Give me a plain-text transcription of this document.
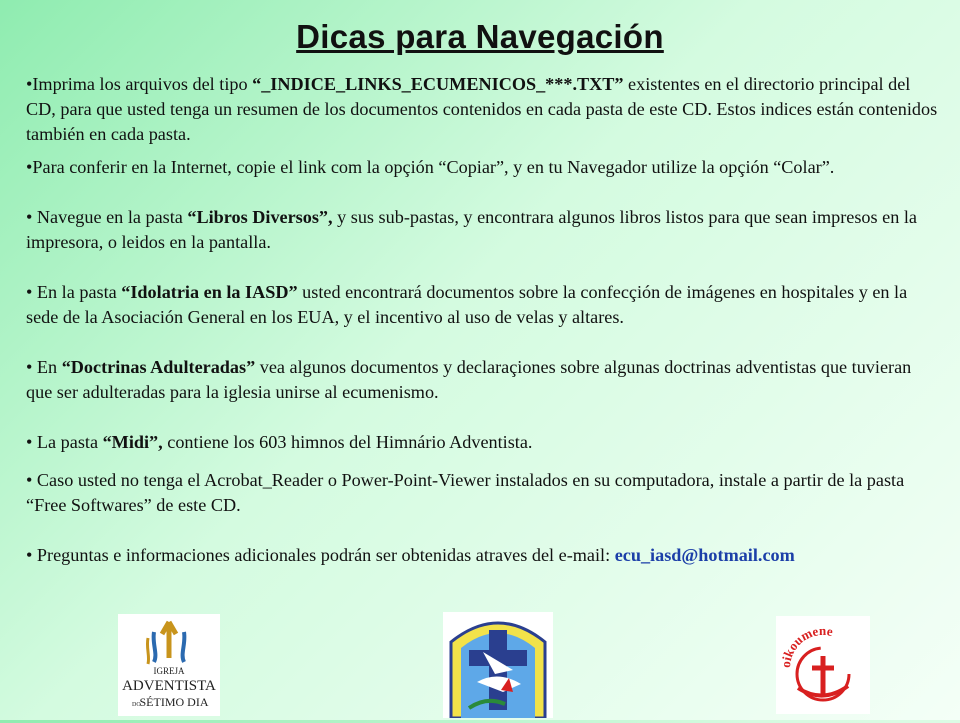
Dicas para Navegación

•Imprima los arquivos del tipo “_INDICE_LINKS_ECUMENICOS_***.TXT” existentes en el directorio principal del CD, para que usted tenga un resumen de los documentos contenidos en cada pasta de este CD. Estos indices están contenidos también en cada pasta.

•Para conferir en la Internet, copie el link com la opçión “Copiar”, y en tu Navegador utilize la opçión “Colar”.

• Navegue en la pasta “Libros Diversos”, y sus sub-pastas, y encontrara algunos libros listos para que sean impresos en la impresora, o leidos en la pantalla.

• En la pasta “Idolatria en la IASD” usted encontrará documentos sobre la confecçión de imágenes en hospitales y en la sede de la Asociación General en los EUA, y el incentivo al uso de velas y altares.

• En “Doctrinas Adulteradas” vea algunos documentos y declaraçiones sobre algunas doctrinas adventistas que tuvieran que ser adulteradas para la iglesia unirse al ecumenismo.

• La pasta “Midi”, contiene los 603 himnos del Himnário Adventista.

• Caso usted no tenga el Acrobat_Reader o Power-Point-Viewer instalados en su computadora, instale a partir de la pasta “Free Softwares” de este CD.

• Preguntas e informaciones adicionales podrán ser obtenidas atraves del e-mail: ecu_iasd@hotmail.com

IGREJA
ADVENTISTA
DO
SÉTIMO DIA
oikoumene
